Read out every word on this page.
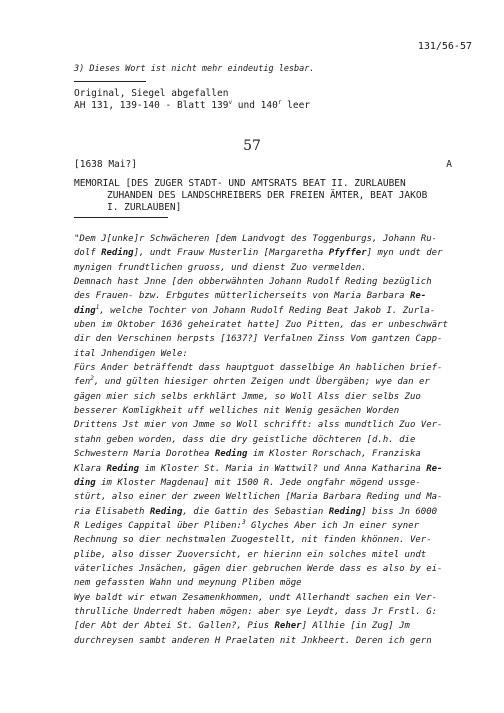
131/56-57
3) Dieses Wort ist nicht mehr eindeutig lesbar.
Original, Siegel abgefallen
AH 131, 139-140 - Blatt 139$^v$ und 140$^r$ leer
57
[1638 Mai?]	A
MEMORIAL [DES ZUGER STADT- UND AMTSRATS BEAT II. ZURLAUBEN
ZUHANDEN DES LANDSCHREIBERS DER FREIEN ÄMTER, BEAT JAKOB
I. ZURLAUBEN]
"Dem J[unke]r Schwächeren [dem Landvogt des Toggenburgs, Johann Ru-
dolf Reding], undt Frauw Musterlin [Margaretha Pfyffer] myn undt der
mynigen frundtlichen gruoss, und dienst Zuo vermelden.
Demnach hast Jnne [den obberwähnten Johann Rudolf Reding bezüglich
des Frauen- bzw. Erbgutes mütterlicherseits von Maria Barbara Re-
ding$^1$, welche Tochter von Johann Rudolf Reding Beat Jakob I. Zurla-
uben im Oktober 1636 geheiratet hatte] Zuo Pitten, das er unbeschwärt
dir den Verschinen herpsts [1637?] Verfalnen Zinss Vom gantzen Capp-
ital Jnhendigen Wele:
Fürs Ander beträffendt dass hauptguot dasselbige An hablichen brief-
fen$^2$, und gülten hiesiger ohrten Zeigen undt Übergäben; wye dan er
gägen mier sich selbs erkhlärt Jmme, so Woll Alss dier selbs Zuo
besserer Komligkheit uff welliches nit Wenig gesächen Worden
Drittens Jst mier von Jmme so Woll schrifft: alss mundtlich Zuo Ver-
stahn geben worden, dass die dry geistliche döchteren [d.h. die
Schwestern Maria Dorothea Reding im Kloster Rorschach, Franziska
Klara Reding im Kloster St. Maria in Wattwil? und Anna Katharina Re-
ding im Kloster Magdenau] mit 1500 R. Jede ongfahr mögend ussge-
stürt, also einer der zween Weltlichen [Maria Barbara Reding und Ma-
ria Elisabeth Reding, die Gattin des Sebastian Reding] biss Jn 6000
R Lediges Cappital über Pliben:$^3$ Glyches Aber ich Jn einer syner
Rechnung so dier nechstmalen Zuogestellt, nit finden khönnen. Ver-
plibe, also disser Zuoversicht, er hierinn ein solches mitel undt
väterliches Jnsächen, gägen dier gebruchen Werde dass es also by ei-
nem gefassten Wahn und meynung Pliben möge
Wye baldt wir etwan Zesamenkhommen, undt Allerhandt sachen ein Ver-
thrulliche Underredt haben mögen: aber sye Leydt, dass Jr Frstl. G:
[der Abt der Abtei St. Gallen?, Pius Reher] Allhie [in Zug] Jm
durchreysen sambt anderen H Praelaten nit Jnkheert. Deren ich gern
